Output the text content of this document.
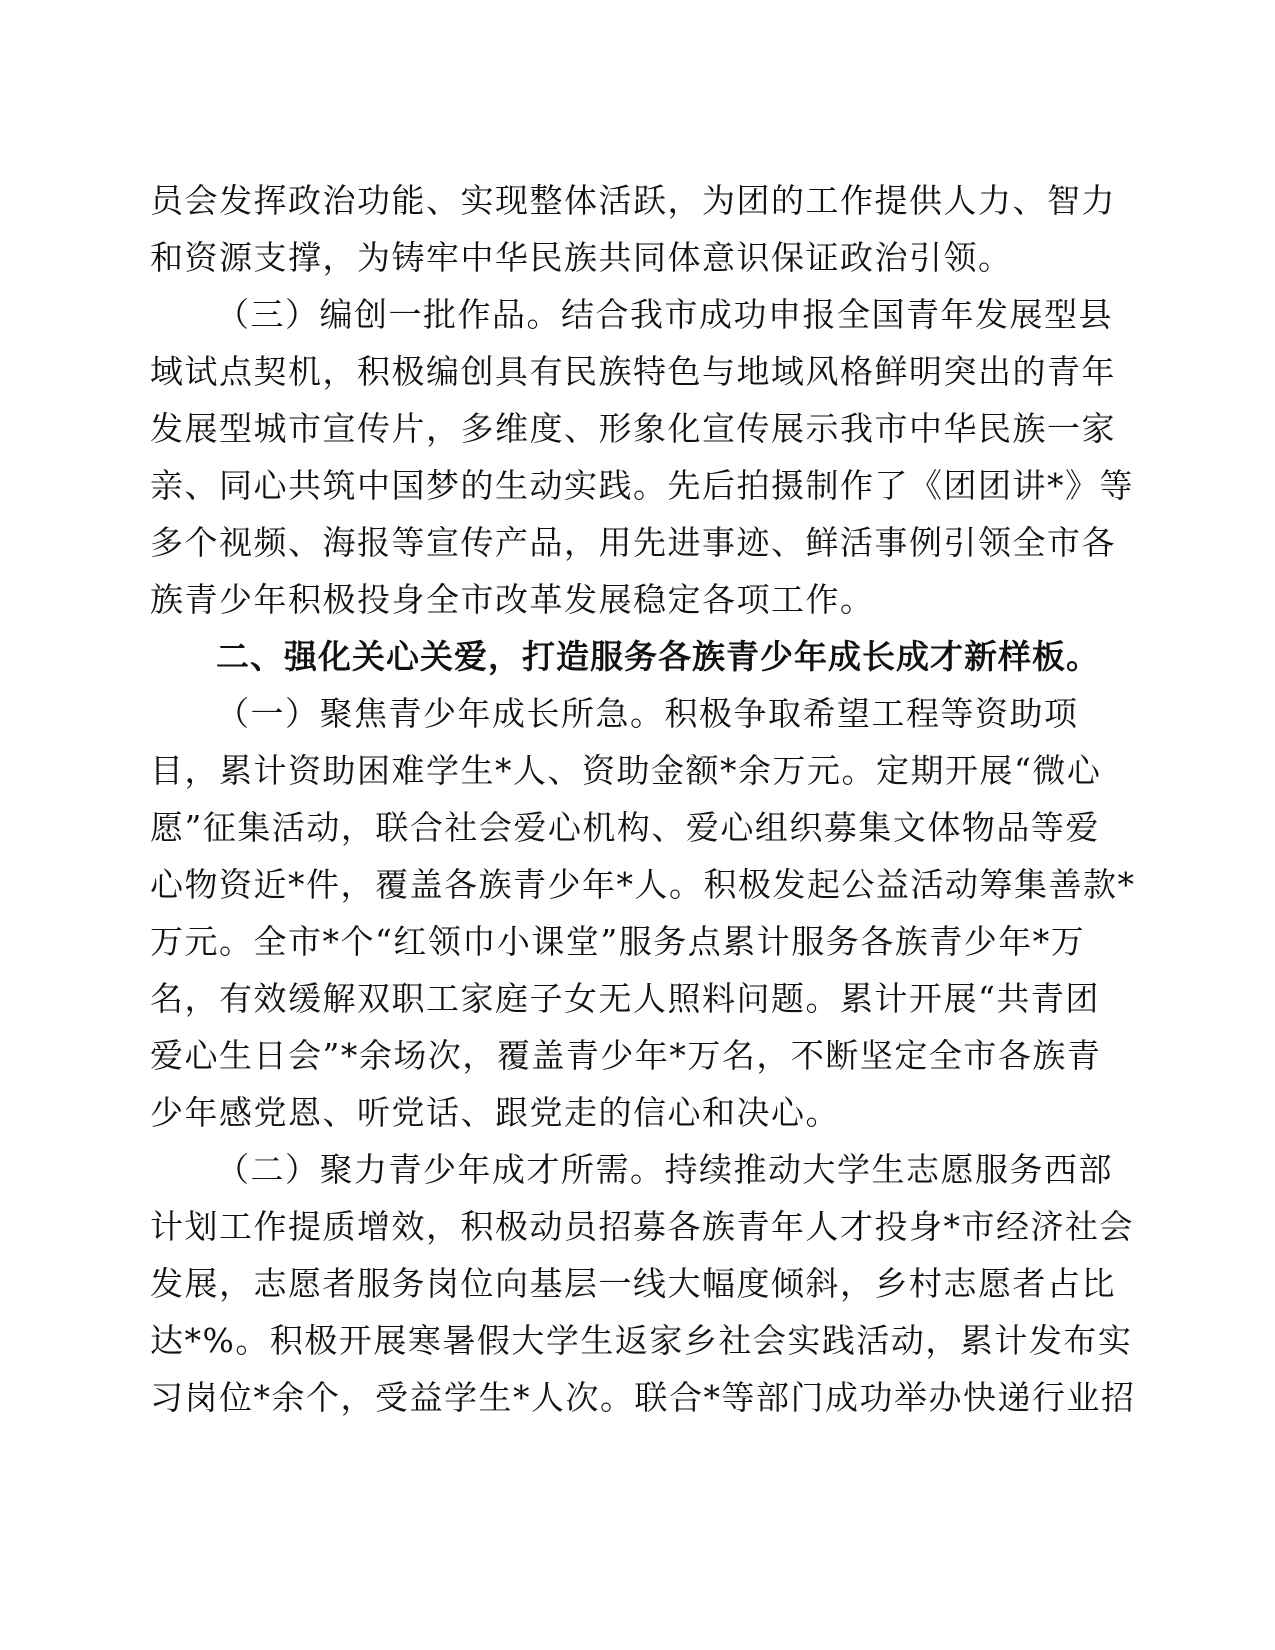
员会发挥政治功能、实现整体活跃，为团的工作提供人力、智力
和资源支撑，为铸牢中华民族共同体意识保证政治引领。
（三）编创一批作品。结合我市成功申报全国青年发展型县
域试点契机，积极编创具有民族特色与地域风格鲜明突出的青年
发展型城市宣传片，多维度、形象化宣传展示我市中华民族一家
亲、同心共筑中国梦的生动实践。先后拍摄制作了《团团讲*》等
多个视频、海报等宣传产品，用先进事迹、鲜活事例引领全市各
族青少年积极投身全市改革发展稳定各项工作。
二、强化关心关爱，打造服务各族青少年成长成才新样板。
（一）聚焦青少年成长所急。积极争取希望工程等资助项
目，累计资助困难学生*人、资助金额*余万元。定期开展“微心
愿”征集活动，联合社会爱心机构、爱心组织募集文体物品等爱
心物资近*件，覆盖各族青少年*人。积极发起公益活动筹集善款*
万元。全市*个“红领巾小课堂”服务点累计服务各族青少年*万
名，有效缓解双职工家庭子女无人照料问题。累计开展“共青团
爱心生日会”*余场次，覆盖青少年*万名，不断坚定全市各族青
少年感党恩、听党话、跟党走的信心和决心。
（二）聚力青少年成才所需。持续推动大学生志愿服务西部
计划工作提质增效，积极动员招募各族青年人才投身*市经济社会
发展，志愿者服务岗位向基层一线大幅度倾斜，乡村志愿者占比
达*%。积极开展寒暑假大学生返家乡社会实践活动，累计发布实
习岗位*余个，受益学生*人次。联合*等部门成功举办快递行业招
